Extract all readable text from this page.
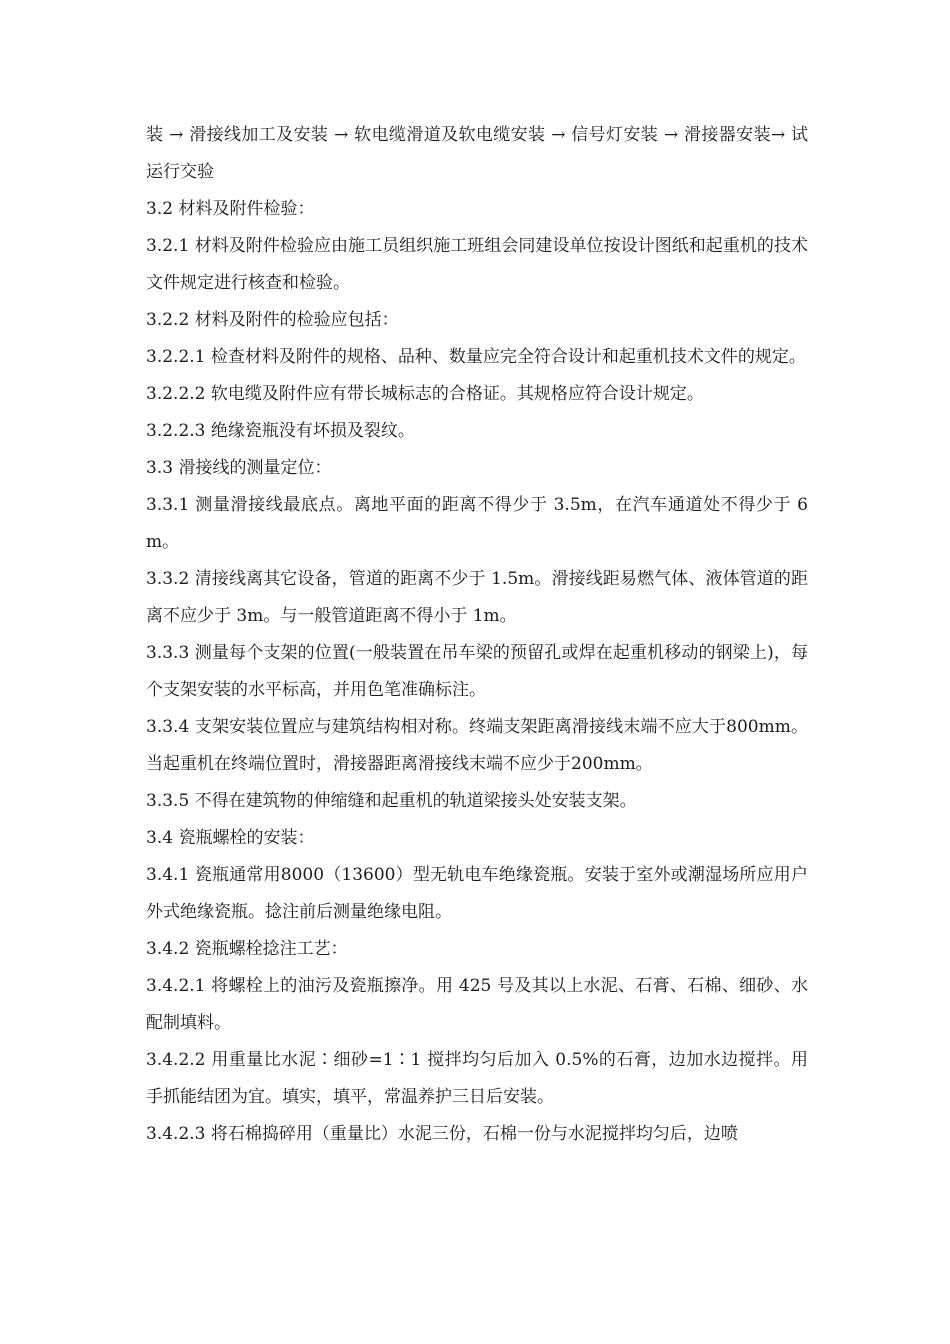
装 → 滑接线加工及安装 → 软电缆滑道及软电缆安装 → 信号灯安装 → 滑接器安装→ 试运行交验

3.2 材料及附件检验：

3.2.1 材料及附件检验应由施工员组织施工班组会同建设单位按设计图纸和起重机的技术文件规定进行核查和检验。

3.2.2 材料及附件的检验应包括：

3.2.2.1 检查材料及附件的规格、品种、数量应完全符合设计和起重机技术文件的规定。

3.2.2.2 软电缆及附件应有带长城标志的合格证。其规格应符合设计规定。

3.2.2.3 绝缘瓷瓶没有坏损及裂纹。

3.3 滑接线的测量定位：

3.3.1 测量滑接线最底点。离地平面的距离不得少于 3.5m，在汽车通道处不得少于 6m。

3.3.2 清接线离其它设备，管道的距离不少于 1.5m。滑接线距易燃气体、液体管道的距离不应少于 3m。与一般管道距离不得小于 1m。

3.3.3 测量每个支架的位置(一般装置在吊车梁的预留孔或焊在起重机移动的钢梁上)，每个支架安装的水平标高，并用色笔准确标注。

3.3.4 支架安装位置应与建筑结构相对称。终端支架距离滑接线末端不应大于800mm。当起重机在终端位置时，滑接器距离滑接线末端不应少于200mm。

3.3.5 不得在建筑物的伸缩缝和起重机的轨道梁接头处安装支架。

3.4 瓷瓶螺栓的安装：

3.4.1 瓷瓶通常用8000（13600）型无轨电车绝缘瓷瓶。安装于室外或潮湿场所应用户外式绝缘瓷瓶。捻注前后测量绝缘电阻。

3.4.2 瓷瓶螺栓捻注工艺：

3.4.2.1 将螺栓上的油污及瓷瓶擦净。用 425 号及其以上水泥、石膏、石棉、细砂、水配制填料。

3.4.2.2 用重量比水泥∶细砂=1∶1 搅拌均匀后加入 0.5%的石膏，边加水边搅拌。用手抓能结团为宜。填实，填平，常温养护三日后安装。

3.4.2.3 将石棉捣碎用（重量比）水泥三份，石棉一份与水泥搅拌均匀后，边喷
